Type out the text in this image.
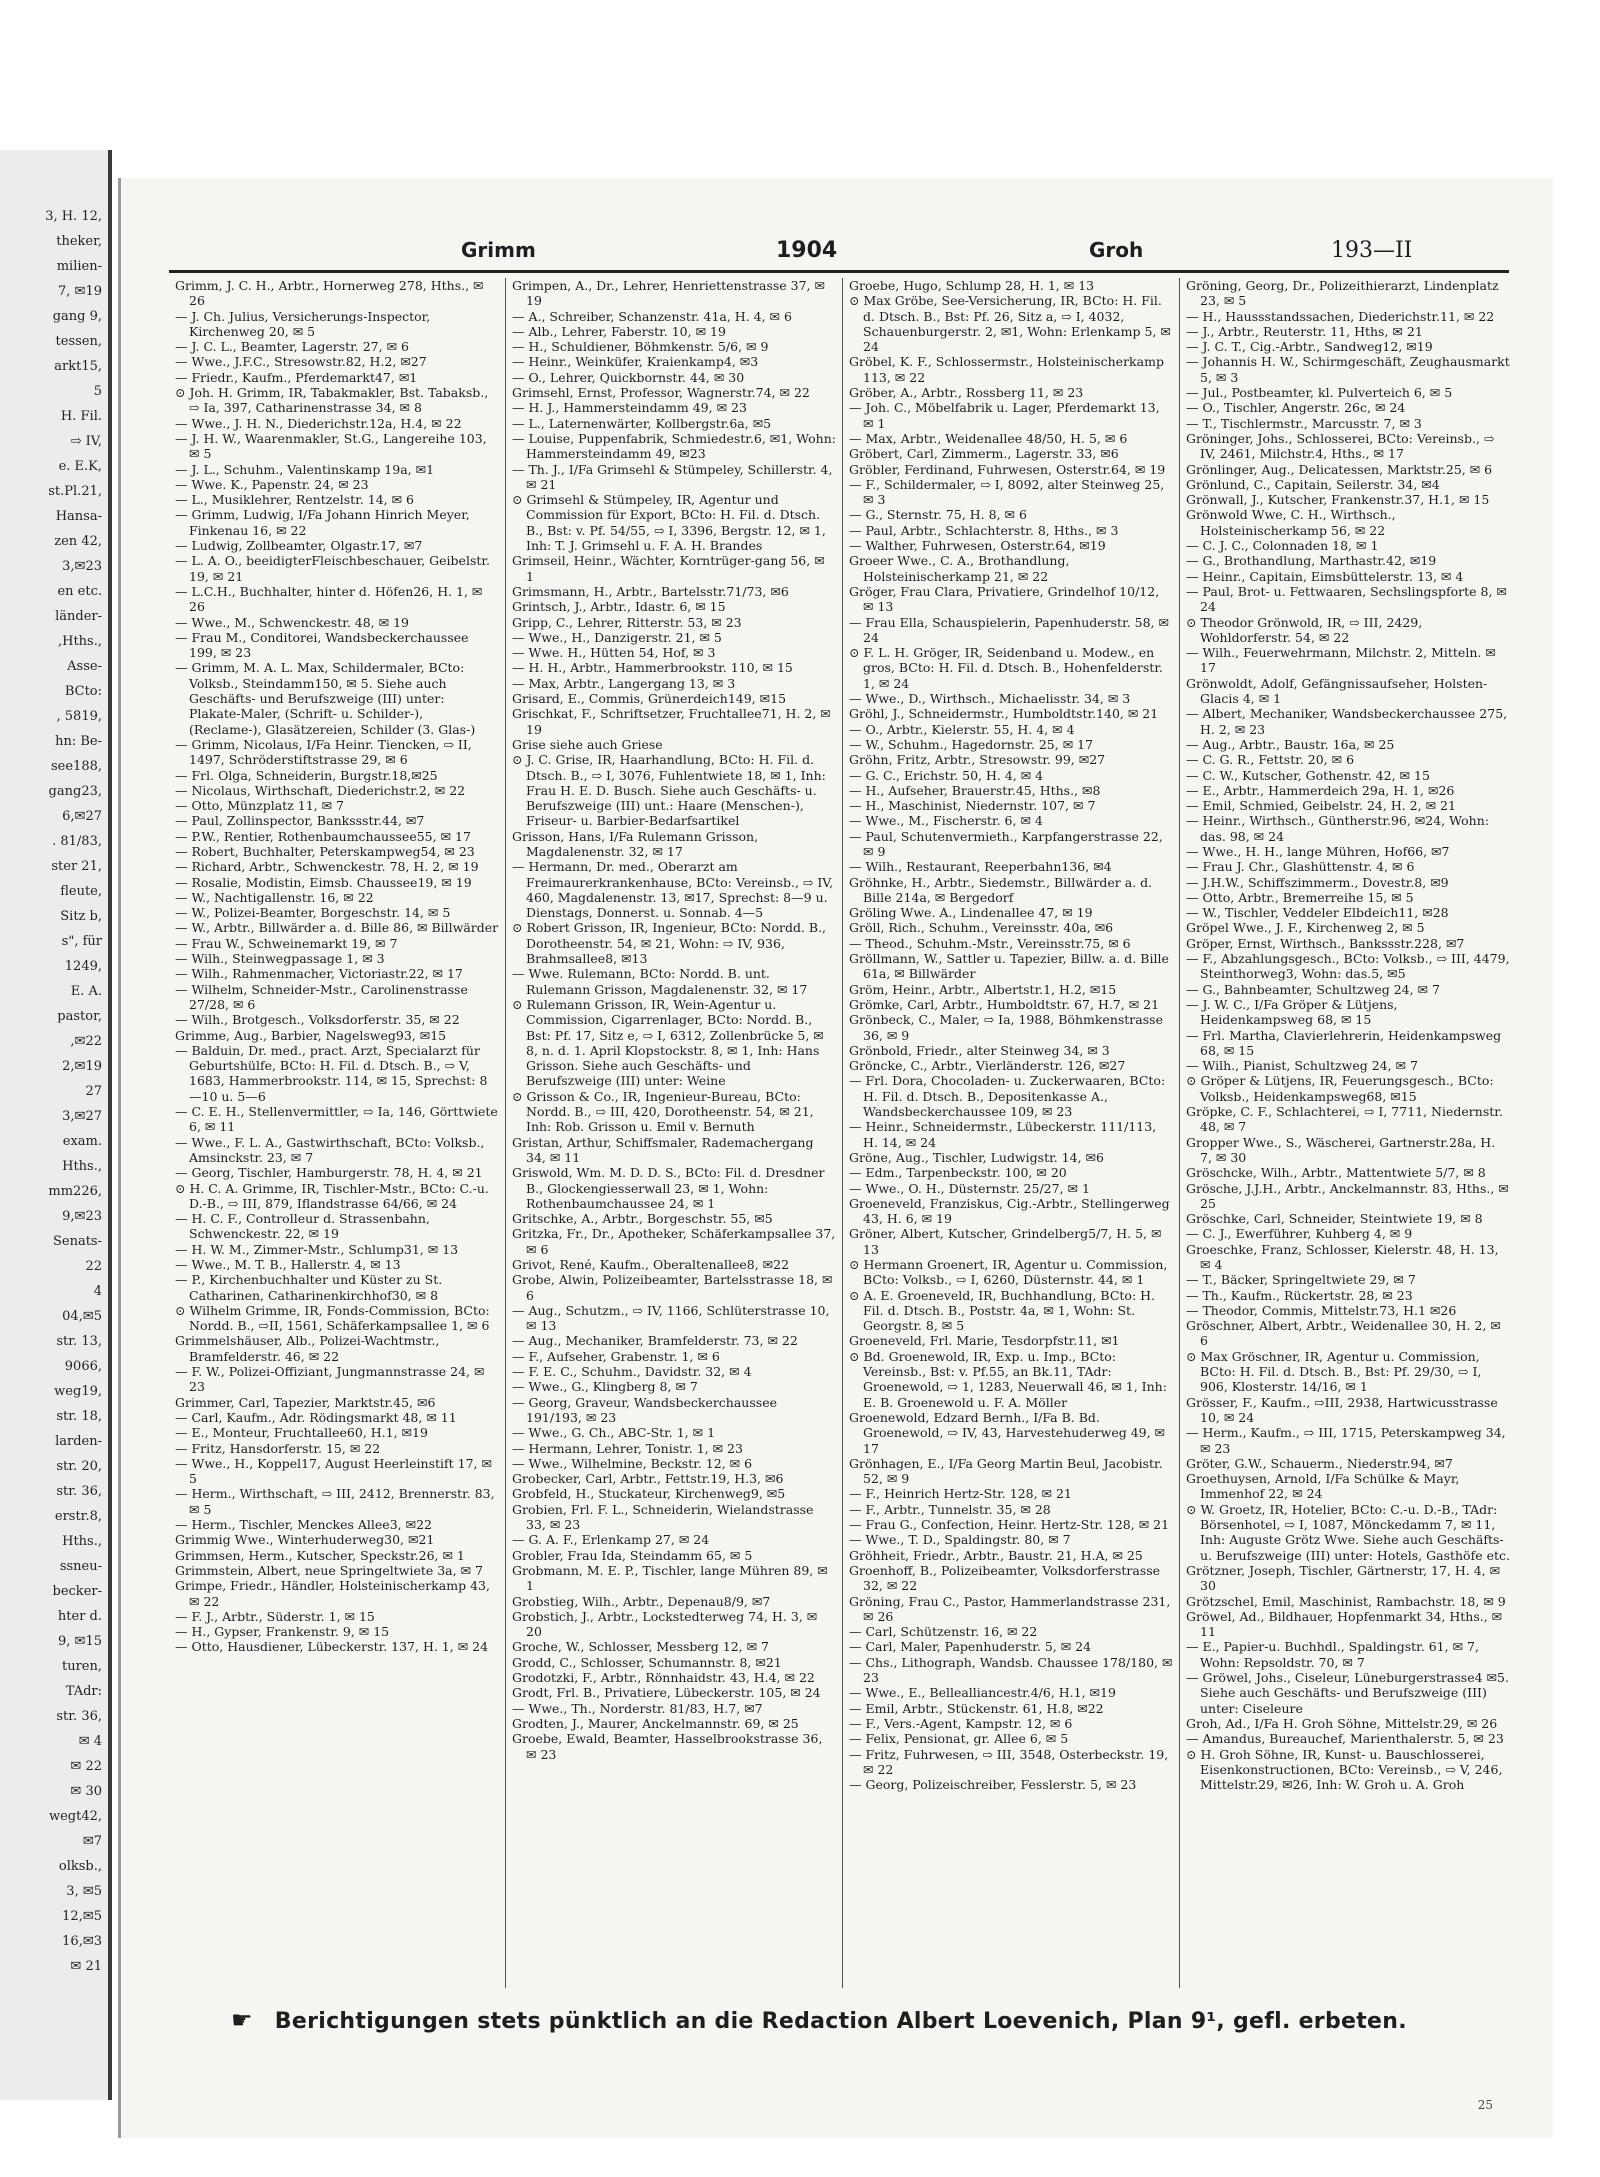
3, H. 12,
theker,
milien-
7, ✉19
gang 9,
tessen,
arkt15,
5
H. Fil.
⇨ IV,
e. E.K,
st.Pl.21,
Hansa-
zen 42,
3,✉23
en etc.
länder-
,Hths.,
Asse-
BCto:
, 5819,
hn: Be-
see188,
gang23,
6,✉27
. 81/83,
ster 21,
fleute,
Sitz b,
s", für
1249,
E. A.
pastor,
,✉22
2,✉19
27
3,✉27
exam.
Hths.,
mm226,
9,✉23
Senats-
22
4
04,✉5
str. 13,
9066,
weg19,
str. 18,
larden-
str. 20,
str. 36,
erstr.8,
Hths.,
ssneu-
becker-
hter d.
9, ✉15
turen,
TAdr:
str. 36,
✉ 4
✉ 22
✉ 30
wegt42,
✉7
olksb.,
3, ✉5
12,✉5
16,✉3
✉ 21
Grimm	1904	Groh	193—II

Grimm, J. C. H., Arbtr., Hornerweg 278, Hths., ✉ 26

— J. Ch. Julius, Versicherungs-Inspector, Kirchenweg 20, ✉ 5

— J. C. L., Beamter, Lagerstr. 27, ✉ 6

— Wwe., J.F.C., Stresowstr.82, H.2, ✉27

— Friedr., Kaufm., Pferdemarkt47, ✉1

⊙ Joh. H. Grimm, IR, Tabakmakler, Bst. Tabaksb., ⇨ Ia, 397, Catharinenstrasse 34, ✉ 8

— Wwe., J. H. N., Diederichstr.12a, H.4, ✉ 22

— J. H. W., Waarenmakler, St.G., Langereihe 103, ✉ 5

— J. L., Schuhm., Valentinskamp 19a, ✉1

— Wwe. K., Papenstr. 24, ✉ 23

— L., Musiklehrer, Rentzelstr. 14, ✉ 6

— Grimm, Ludwig, I/Fa Johann Hinrich Meyer, Finkenau 16, ✉ 22

— Ludwig, Zollbeamter, Olgastr.17, ✉7

— L. A. O., beeidigterFleischbeschauer, Geibelstr. 19, ✉ 21

— L.C.H., Buchhalter, hinter d. Höfen26, H. 1, ✉ 26

— Wwe., M., Schwenckestr. 48, ✉ 19

— Frau M., Conditorei, Wandsbeckerchaussee 199, ✉ 23

— Grimm, M. A. L. Max, Schildermaler, BCto: Volksb., Steindamm150, ✉ 5. Siehe auch Geschäfts- und Berufszweige (III) unter: Plakate-Maler, (Schrift- u. Schilder-), (Reclame-), Glasätzereien, Schilder (3. Glas-)

— Grimm, Nicolaus, I/Fa Heinr. Tiencken, ⇨ II, 1497, Schröderstiftstrasse 29, ✉ 6

— Frl. Olga, Schneiderin, Burgstr.18,✉25

— Nicolaus, Wirthschaft, Diederichstr.2, ✉ 22

— Otto, Münzplatz 11, ✉ 7

— Paul, Zollinspector, Bankssstr.44, ✉7

— P.W., Rentier, Rothenbaumchaussee55, ✉ 17

— Robert, Buchhalter, Peterskampweg54, ✉ 23

— Richard, Arbtr., Schwenckestr. 78, H. 2, ✉ 19

— Rosalie, Modistin, Eimsb. Chaussee19, ✉ 19

— W., Nachtigallenstr. 16, ✉ 22

— W., Polizei-Beamter, Borgeschstr. 14, ✉ 5

— W., Arbtr., Billwärder a. d. Bille 86, ✉ Billwärder

— Frau W., Schweinemarkt 19, ✉ 7

— Wilh., Steinwegpassage 1, ✉ 3

— Wilh., Rahmenmacher, Victoriastr.22, ✉ 17

— Wilhelm, Schneider-Mstr., Carolinenstrasse 27/28, ✉ 6

— Wilh., Brotgesch., Volksdorferstr. 35, ✉ 22

Grimme, Aug., Barbier, Nagelsweg93, ✉15

— Balduin, Dr. med., pract. Arzt, Specialarzt für Geburtshülfe, BCto: H. Fil. d. Dtsch. B., ⇨ V, 1683, Hammerbrookstr. 114, ✉ 15, Sprechst: 8—10 u. 5—6

— C. E. H., Stellenvermittler, ⇨ Ia, 146, Görttwiete 6, ✉ 11

— Wwe., F. L. A., Gastwirthschaft, BCto: Volksb., Amsinckstr. 23, ✉ 7

— Georg, Tischler, Hamburgerstr. 78, H. 4, ✉ 21

⊙ H. C. A. Grimme, IR, Tischler-Mstr., BCto: C.-u. D.-B., ⇨ III, 879, Iflandstrasse 64/66, ✉ 24

— H. C. F., Controlleur d. Strassenbahn, Schwenckestr. 22, ✉ 19

— H. W. M., Zimmer-Mstr., Schlump31, ✉ 13

— Wwe., M. T. B., Hallerstr. 4, ✉ 13

— P., Kirchenbuchhalter und Küster zu St. Catharinen, Catharinenkirchhof30, ✉ 8

⊙ Wilhelm Grimme, IR, Fonds-Commission, BCto: Nordd. B., ⇨II, 1561, Schäferkampsallee 1, ✉ 6

Grimmelshäuser, Alb., Polizei-Wachtmstr., Bramfelderstr. 46, ✉ 22

— F. W., Polizei-Offiziant, Jungmannstrasse 24, ✉ 23

Grimmer, Carl, Tapezier, Marktstr.45, ✉6

— Carl, Kaufm., Adr. Rödingsmarkt 48, ✉ 11

— E., Monteur, Fruchtallee60, H.1, ✉19

— Fritz, Hansdorferstr. 15, ✉ 22

— Wwe., H., Koppel17, August Heerleinstift 17, ✉ 5

— Herm., Wirthschaft, ⇨ III, 2412, Brennerstr. 83, ✉ 5

— Herm., Tischler, Menckes Allee3, ✉22

Grimmig Wwe., Winterhuderweg30, ✉21

Grimmsen, Herm., Kutscher, Speckstr.26, ✉ 1

Grimmstein, Albert, neue Springeltwiete 3a, ✉ 7

Grimpe, Friedr., Händler, Holsteinischerkamp 43, ✉ 22

— F. J., Arbtr., Süderstr. 1, ✉ 15

— H., Gypser, Frankenstr. 9, ✉ 15

— Otto, Hausdiener, Lübeckerstr. 137, H. 1, ✉ 24

Grimpen, A., Dr., Lehrer, Henriettenstrasse 37, ✉ 19

— A., Schreiber, Schanzenstr. 41a, H. 4, ✉ 6

— Alb., Lehrer, Faberstr. 10, ✉ 19

— H., Schuldiener, Böhmkenstr. 5/6, ✉ 9

— Heinr., Weinküfer, Kraienkamp4, ✉3

— O., Lehrer, Quickbornstr. 44, ✉ 30

Grimsehl, Ernst, Professor, Wagnerstr.74, ✉ 22

— H. J., Hammersteindamm 49, ✉ 23

— L., Laternenwärter, Kollbergstr.6a, ✉5

— Louise, Puppenfabrik, Schmiedestr.6, ✉1, Wohn: Hammersteindamm 49, ✉23

— Th. J., I/Fa Grimsehl & Stümpeley, Schillerstr. 4, ✉ 21

⊙ Grimsehl & Stümpeley, IR, Agentur und Commission für Export, BCto: H. Fil. d. Dtsch. B., Bst: v. Pf. 54/55, ⇨ I, 3396, Bergstr. 12, ✉ 1, Inh: T. J. Grimsehl u. F. A. H. Brandes

Grimseil, Heinr., Wächter, Korntrüger-gang 56, ✉ 1

Grimsmann, H., Arbtr., Bartelsstr.71/73, ✉6

Grintsch, J., Arbtr., Idastr. 6, ✉ 15

Gripp, C., Lehrer, Ritterstr. 53, ✉ 23

— Wwe., H., Danzigerstr. 21, ✉ 5

— Wwe. H., Hütten 54, Hof, ✉ 3

— H. H., Arbtr., Hammerbrookstr. 110, ✉ 15

— Max, Arbtr., Langergang 13, ✉ 3

Grisard, E., Commis, Grünerdeich149, ✉15

Grischkat, F., Schriftsetzer, Fruchtallee71, H. 2, ✉ 19

Grise siehe auch Griese

⊙ J. C. Grise, IR, Haarhandlung, BCto: H. Fil. d. Dtsch. B., ⇨ I, 3076, Fuhlentwiete 18, ✉ 1, Inh: Frau H. E. D. Busch. Siehe auch Geschäfts- u. Berufszweige (III) unt.: Haare (Menschen-), Friseur- u. Barbier-Bedarfsartikel

Grisson, Hans, I/Fa Rulemann Grisson, Magdalenenstr. 32, ✉ 17

— Hermann, Dr. med., Oberarzt am Freimaurerkrankenhause, BCto: Vereinsb., ⇨ IV, 460, Magdalenenstr. 13, ✉17, Sprechst: 8—9 u. Dienstags, Donnerst. u. Sonnab. 4—5

⊙ Robert Grisson, IR, Ingenieur, BCto: Nordd. B., Dorotheenstr. 54, ✉ 21, Wohn: ⇨ IV, 936, Brahmsallee8, ✉13

— Wwe. Rulemann, BCto: Nordd. B. unt. Rulemann Grisson, Magdalenenstr. 32, ✉ 17

⊙ Rulemann Grisson, IR, Wein-Agentur u. Commission, Cigarrenlager, BCto: Nordd. B., Bst: Pf. 17, Sitz e, ⇨ I, 6312, Zollenbrücke 5, ✉ 8, n. d. 1. April Klopstockstr. 8, ✉ 1, Inh: Hans Grisson. Siehe auch Geschäfts- und Berufszweige (III) unter: Weine

⊙ Grisson & Co., IR, Ingenieur-Bureau, BCto: Nordd. B., ⇨ III, 420, Dorotheenstr. 54, ✉ 21, Inh: Rob. Grisson u. Emil v. Bernuth

Gristan, Arthur, Schiffsmaler, Rademachergang 34, ✉ 11

Griswold, Wm. M. D. D. S., BCto: Fil. d. Dresdner B., Glockengiesserwall 23, ✉ 1, Wohn: Rothenbaumchaussee 24, ✉ 1

Gritschke, A., Arbtr., Borgeschstr. 55, ✉5

Gritzka, Fr., Dr., Apotheker, Schäferkampsallee 37, ✉ 6

Grivot, René, Kaufm., Oberaltenallee8, ✉22

Grobe, Alwin, Polizeibeamter, Bartelsstrasse 18, ✉ 6

— Aug., Schutzm., ⇨ IV, 1166, Schlüterstrasse 10, ✉ 13

— Aug., Mechaniker, Bramfelderstr. 73, ✉ 22

— F., Aufseher, Grabenstr. 1, ✉ 6

— F. E. C., Schuhm., Davidstr. 32, ✉ 4

— Wwe., G., Klingberg 8, ✉ 7

— Georg, Graveur, Wandsbeckerchaussee 191/193, ✉ 23

— Wwe., G. Ch., ABC-Str. 1, ✉ 1

— Hermann, Lehrer, Tonistr. 1, ✉ 23

— Wwe., Wilhelmine, Beckstr. 12, ✉ 6

Grobecker, Carl, Arbtr., Fettstr.19, H.3, ✉6

Grobfeld, H., Stuckateur, Kirchenweg9, ✉5

Grobien, Frl. F. L., Schneiderin, Wielandstrasse 33, ✉ 23

— G. A. F., Erlenkamp 27, ✉ 24

Grobler, Frau Ida, Steindamm 65, ✉ 5

Grobmann, M. E. P., Tischler, lange Mühren 89, ✉ 1

Grobstieg, Wilh., Arbtr., Depenau8/9, ✉7

Grobstich, J., Arbtr., Lockstedterweg 74, H. 3, ✉ 20

Groche, W., Schlosser, Messberg 12, ✉ 7

Grodd, C., Schlosser, Schumannstr. 8, ✉21

Grodotzki, F., Arbtr., Rönnhaidstr. 43, H.4, ✉ 22

Grodt, Frl. B., Privatiere, Lübeckerstr. 105, ✉ 24

— Wwe., Th., Norderstr. 81/83, H.7, ✉7

Grodten, J., Maurer, Anckelmannstr. 69, ✉ 25

Groebe, Ewald, Beamter, Hasselbrookstrasse 36, ✉ 23

Groebe, Hugo, Schlump 28, H. 1, ✉ 13

⊙ Max Gröbe, See-Versicherung, IR, BCto: H. Fil. d. Dtsch. B., Bst: Pf. 26, Sitz a, ⇨ I, 4032, Schauenburgerstr. 2, ✉1, Wohn: Erlenkamp 5, ✉ 24

Gröbel, K. F., Schlossermstr., Holsteinischerkamp 113, ✉ 22

Gröber, A., Arbtr., Rossberg 11, ✉ 23

— Joh. C., Möbelfabrik u. Lager, Pferdemarkt 13, ✉ 1

— Max, Arbtr., Weidenallee 48/50, H. 5, ✉ 6

Gröbert, Carl, Zimmerm., Lagerstr. 33, ✉6

Gröbler, Ferdinand, Fuhrwesen, Osterstr.64, ✉ 19

— F., Schildermaler, ⇨ I, 8092, alter Steinweg 25, ✉ 3

— G., Sternstr. 75, H. 8, ✉ 6

— Paul, Arbtr., Schlachterstr. 8, Hths., ✉ 3

— Walther, Fuhrwesen, Osterstr.64, ✉19

Groeer Wwe., C. A., Brothandlung, Holsteinischerkamp 21, ✉ 22

Gröger, Frau Clara, Privatiere, Grindelhof 10/12, ✉ 13

— Frau Ella, Schauspielerin, Papenhuderstr. 58, ✉ 24

⊙ F. L. H. Gröger, IR, Seidenband u. Modew., en gros, BCto: H. Fil. d. Dtsch. B., Hohenfelderstr. 1, ✉ 24

— Wwe., D., Wirthsch., Michaelisstr. 34, ✉ 3

Gröhl, J., Schneidermstr., Humboldtstr.140, ✉ 21

— O., Arbtr., Kielerstr. 55, H. 4, ✉ 4

— W., Schuhm., Hagedornstr. 25, ✉ 17

Gröhn, Fritz, Arbtr., Stresowstr. 99, ✉27

— G. C., Erichstr. 50, H. 4, ✉ 4

— H., Aufseher, Brauerstr.45, Hths., ✉8

— H., Maschinist, Niedernstr. 107, ✉ 7

— Wwe., M., Fischerstr. 6, ✉ 4

— Paul, Schutenvermieth., Karpfangerstrasse 22, ✉ 9

— Wilh., Restaurant, Reeperbahn136, ✉4

Gröhnke, H., Arbtr., Siedemstr., Billwärder a. d. Bille 214a, ✉ Bergedorf

Gröling Wwe. A., Lindenallee 47, ✉ 19

Gröll, Rich., Schuhm., Vereinsstr. 40a, ✉6

— Theod., Schuhm.-Mstr., Vereinsstr.75, ✉ 6

Gröllmann, W., Sattler u. Tapezier, Billw. a. d. Bille 61a, ✉ Billwärder

Gröm, Heinr., Arbtr., Albertstr.1, H.2, ✉15

Grömke, Carl, Arbtr., Humboldtstr. 67, H.7, ✉ 21

Grönbeck, C., Maler, ⇨ Ia, 1988, Böhmkenstrasse 36, ✉ 9

Grönbold, Friedr., alter Steinweg 34, ✉ 3

Gröncke, C., Arbtr., Vierländerstr. 126, ✉27

— Frl. Dora, Chocoladen- u. Zuckerwaaren, BCto: H. Fil. d. Dtsch. B., Depositenkasse A., Wandsbeckerchaussee 109, ✉ 23

— Heinr., Schneidermstr., Lübeckerstr. 111/113, H. 14, ✉ 24

Gröne, Aug., Tischler, Ludwigstr. 14, ✉6

— Edm., Tarpenbeckstr. 100, ✉ 20

— Wwe., O. H., Düsternstr. 25/27, ✉ 1

Groeneveld, Franziskus, Cig.-Arbtr., Stellingerweg 43, H. 6, ✉ 19

Gröner, Albert, Kutscher, Grindelberg5/7, H. 5, ✉ 13

⊙ Hermann Groenert, IR, Agentur u. Commission, BCto: Volksb., ⇨ I, 6260, Düsternstr. 44, ✉ 1

⊙ A. E. Groeneveld, IR, Buchhandlung, BCto: H. Fil. d. Dtsch. B., Poststr. 4a, ✉ 1, Wohn: St. Georgstr. 8, ✉ 5

Groeneveld, Frl. Marie, Tesdorpfstr.11, ✉1

⊙ Bd. Groenewold, IR, Exp. u. Imp., BCto: Vereinsb., Bst: v. Pf.55, an Bk.11, TAdr: Groenewold, ⇨ 1, 1283, Neuerwall 46, ✉ 1, Inh: E. B. Groenewold u. F. A. Möller

Groenewold, Edzard Bernh., I/Fa B. Bd. Groenewold, ⇨ IV, 43, Harvestehuderweg 49, ✉ 17

Grönhagen, E., I/Fa Georg Martin Beul, Jacobistr. 52, ✉ 9

— F., Heinrich Hertz-Str. 128, ✉ 21

— F., Arbtr., Tunnelstr. 35, ✉ 28

— Frau G., Confection, Heinr. Hertz-Str. 128, ✉ 21

— Wwe., T. D., Spaldingstr. 80, ✉ 7

Gröhheit, Friedr., Arbtr., Baustr. 21, H.A, ✉ 25

Groenhoff, B., Polizeibeamter, Volksdorferstrasse 32, ✉ 22

Gröning, Frau C., Pastor, Hammerlandstrasse 231, ✉ 26

— Carl, Schützenstr. 16, ✉ 22

— Carl, Maler, Papenhuderstr. 5, ✉ 24

— Chs., Lithograph, Wandsb. Chaussee 178/180, ✉ 23

— Wwe., E., Bellealliancestr.4/6, H.1, ✉19

— Emil, Arbtr., Stückenstr. 61, H.8, ✉22

— F., Vers.-Agent, Kampstr. 12, ✉ 6

— Felix, Pensionat, gr. Allee 6, ✉ 5

— Fritz, Fuhrwesen, ⇨ III, 3548, Osterbeckstr. 19, ✉ 22

— Georg, Polizeischreiber, Fesslerstr. 5, ✉ 23

Gröning, Georg, Dr., Polizeithierarzt, Lindenplatz 23, ✉ 5

— H., Haussstandssachen, Diederichstr.11, ✉ 22

— J., Arbtr., Reuterstr. 11, Hths, ✉ 21

— J. C. T., Cig.-Arbtr., Sandweg12, ✉19

— Johannis H. W., Schirmgeschäft, Zeughausmarkt 5, ✉ 3

— Jul., Postbeamter, kl. Pulverteich 6, ✉ 5

— O., Tischler, Angerstr. 26c, ✉ 24

— T., Tischlermstr., Marcusstr. 7, ✉ 3

Gröninger, Johs., Schlosserei, BCto: Vereinsb., ⇨ IV, 2461, Milchstr.4, Hths., ✉ 17

Grönlinger, Aug., Delicatessen, Marktstr.25, ✉ 6

Grönlund, C., Capitain, Seilerstr. 34, ✉4

Grönwall, J., Kutscher, Frankenstr.37, H.1, ✉ 15

Grönwold Wwe, C. H., Wirthsch., Holsteinischerkamp 56, ✉ 22

— C. J. C., Colonnaden 18, ✉ 1

— G., Brothandlung, Marthastr.42, ✉19

— Heinr., Capitain, Eimsbüttelerstr. 13, ✉ 4

— Paul, Brot- u. Fettwaaren, Sechslingspforte 8, ✉ 24

⊙ Theodor Grönwold, IR, ⇨ III, 2429, Wohldorferstr. 54, ✉ 22

— Wilh., Feuerwehrmann, Milchstr. 2, Mitteln. ✉ 17

Grönwoldt, Adolf, Gefängnissaufseher, Holsten-Glacis 4, ✉ 1

— Albert, Mechaniker, Wandsbeckerchaussee 275, H. 2, ✉ 23

— Aug., Arbtr., Baustr. 16a, ✉ 25

— C. G. R., Fettstr. 20, ✉ 6

— C. W., Kutscher, Gothenstr. 42, ✉ 15

— E., Arbtr., Hammerdeich 29a, H. 1, ✉26

— Emil, Schmied, Geibelstr. 24, H. 2, ✉ 21

— Heinr., Wirthsch., Güntherstr.96, ✉24, Wohn: das. 98, ✉ 24

— Wwe., H. H., lange Mühren, Hof66, ✉7

— Frau J. Chr., Glashüttenstr. 4, ✉ 6

— J.H.W., Schiffszimmerm., Dovestr.8, ✉9

— Otto, Arbtr., Bremerreihe 15, ✉ 5

— W., Tischler, Veddeler Elbdeich11, ✉28

Gröpel Wwe., J. F., Kirchenweg 2, ✉ 5

Gröper, Ernst, Wirthsch., Bankssstr.228, ✉7

— F., Abzahlungsgesch., BCto: Volksb., ⇨ III, 4479, Steinthorweg3, Wohn: das.5, ✉5

— G., Bahnbeamter, Schultzweg 24, ✉ 7

— J. W. C., I/Fa Gröper & Lütjens, Heidenkampsweg 68, ✉ 15

— Frl. Martha, Clavierlehrerin, Heidenkampsweg 68, ✉ 15

— Wilh., Pianist, Schultzweg 24, ✉ 7

⊙ Gröper & Lütjens, IR, Feuerungsgesch., BCto: Volksb., Heidenkampsweg68, ✉15

Gröpke, C. F., Schlachterei, ⇨ I, 7711, Niedernstr. 48, ✉ 7

Gropper Wwe., S., Wäscherei, Gartnerstr.28a, H. 7, ✉ 30

Gröschcke, Wilh., Arbtr., Mattentwiete 5/7, ✉ 8

Grösche, J.J.H., Arbtr., Anckelmannstr. 83, Hths., ✉ 25

Gröschke, Carl, Schneider, Steintwiete 19, ✉ 8

— C. J., Ewerführer, Kuhberg 4, ✉ 9

Groeschke, Franz, Schlosser, Kielerstr. 48, H. 13, ✉ 4

— T., Bäcker, Springeltwiete 29, ✉ 7

— Th., Kaufm., Rückertstr. 28, ✉ 23

— Theodor, Commis, Mittelstr.73, H.1 ✉26

Gröschner, Albert, Arbtr., Weidenallee 30, H. 2, ✉ 6

⊙ Max Gröschner, IR, Agentur u. Commission, BCto: H. Fil. d. Dtsch. B., Bst: Pf. 29/30, ⇨ I, 906, Klosterstr. 14/16, ✉ 1

Grösser, F., Kaufm., ⇨III, 2938, Hartwicusstrasse 10, ✉ 24

— Herm., Kaufm., ⇨ III, 1715, Peterskampweg 34, ✉ 23

Gröter, G.W., Schauerm., Niederstr.94, ✉7

Groethuysen, Arnold, I/Fa Schülke & Mayr, Immenhof 22, ✉ 24

⊙ W. Groetz, IR, Hotelier, BCto: C.-u. D.-B., TAdr: Börsenhotel, ⇨ I, 1087, Mönckedamm 7, ✉ 11, Inh: Auguste Grötz Wwe. Siehe auch Geschäfts- u. Berufszweige (III) unter: Hotels, Gasthöfe etc.

Grötzner, Joseph, Tischler, Gärtnerstr, 17, H. 4, ✉ 30

Grötzschel, Emil, Maschinist, Rambachstr. 18, ✉ 9

Gröwel, Ad., Bildhauer, Hopfenmarkt 34, Hths., ✉ 11

— E., Papier-u. Buchhdl., Spaldingstr. 61, ✉ 7, Wohn: Repsoldstr. 70, ✉ 7

— Gröwel, Johs., Ciseleur, Lüneburgerstrasse4 ✉5. Siehe auch Geschäfts- und Berufszweige (III) unter: Ciseleure

Groh, Ad., I/Fa H. Groh Söhne, Mittelstr.29, ✉ 26

— Amandus, Bureauchef, Marienthalerstr. 5, ✉ 23

⊙ H. Groh Söhne, IR, Kunst- u. Bauschlosserei, Eisenkonstructionen, BCto: Vereinsb., ⇨ V, 246, Mittelstr.29, ✉26, Inh: W. Groh u. A. Groh

☛ Berichtigungen stets pünktlich an die Redaction Albert Loevenich, Plan 9¹, gefl. erbeten.
25
